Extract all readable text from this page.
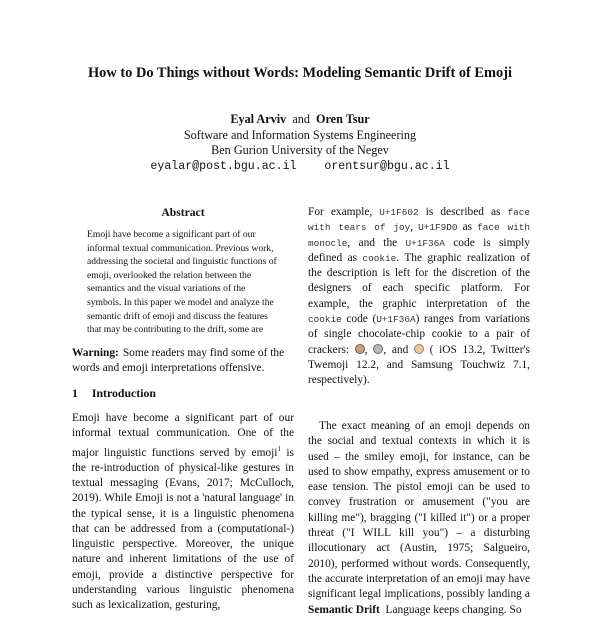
How to Do Things without Words: Modeling Semantic Drift of Emoji
Eyal Arviv and Oren Tsur
Software and Information Systems Engineering
Ben Gurion University of the Negev
eyalar@post.bgu.ac.il orentsur@bgu.ac.il
Abstract

Emoji have become a significant part of our informal textual communication. Previous work, addressing the societal and linguistic functions of emoji, overlooked the relation between the semantics and the visual variations of the symbols. In this paper we model and analyze the semantic drift of emoji and discuss the features that may be contributing to the drift, some are

Warning: Some readers may find some of the words and emoji interpretations offensive.

1 Introduction

Emoji have become a significant part of our informal textual communication. One of the major linguistic functions served by emoji$^1$ is the re-introduction of physical-like gestures in textual messaging (Evans, 2017; McCulloch, 2019). While Emoji is not a 'natural language' in the typical sense, it is a linguistic phenomena that can be addressed from a (computational-) linguistic perspective. Moreover, the unique nature and inherent limitations of the use of emoji, provide a distinctive perspective for understanding various linguistic phenomena such as lexicalization, gesturing,

For example, U+1F602 is described as face with tears of joy, U+1F9D0 as face with monocle, and the U+1F36A code is simply defined as cookie. The graphic realization of the description is left for the discretion of the designers of each specific platform. For example, the graphic interpretation of the cookie code (U+1F36A) ranges from variations of single chocolate-chip cookie to a pair of crackers: , , and  ( iOS 13.2, Twitter's Twemoji 12.2, and Samsung Touchwiz 7.1, respectively).

The exact meaning of an emoji depends on the social and textual contexts in which it is used – the smiley emoji, for instance, can be used to show empathy, express amusement or to ease tension. The pistol emoji can be used to convey frustration or amusement ("you are killing me"), bragging ("I killed it") or a proper threat ("I WILL kill you") – a disturbing illocutionary act (Austin, 1975; Salgueiro, 2010), performed without words. Consequently, the accurate interpretation of an emoji may have significant legal implications, possibly landing a

Semantic Drift Language keeps changing. So
